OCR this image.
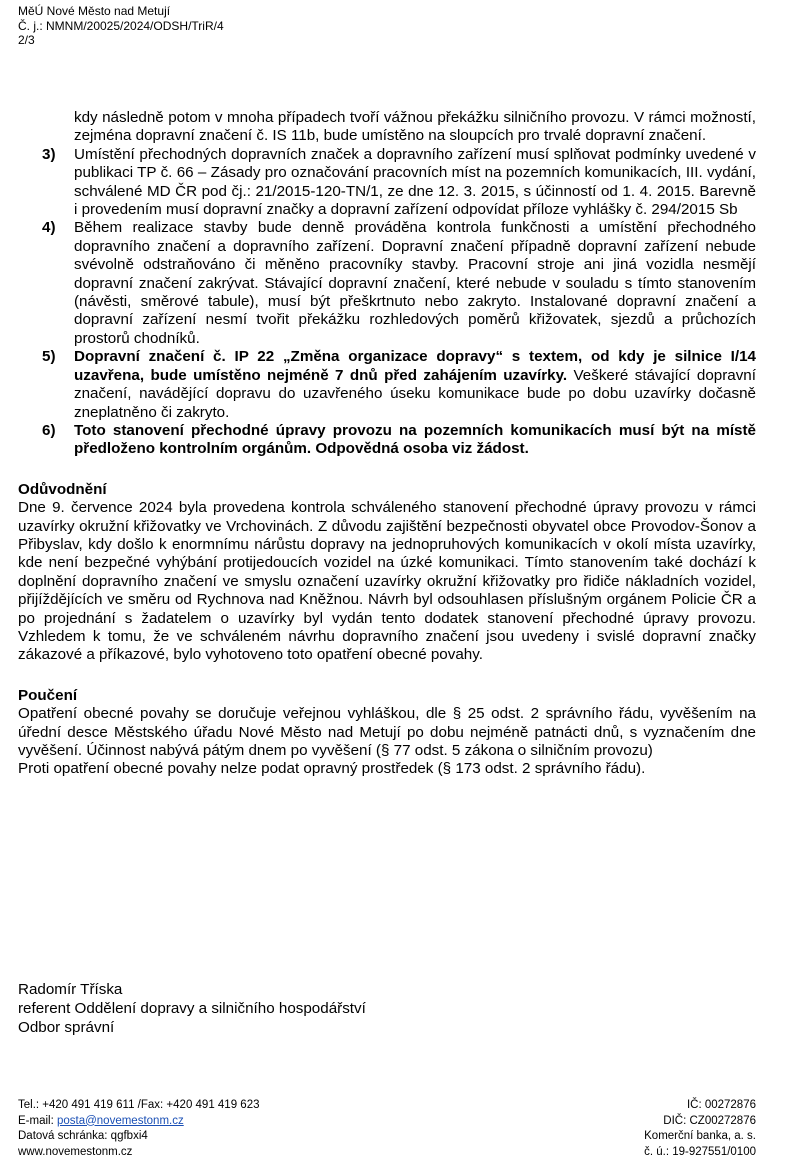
MěÚ Nové Město nad Metují
Č. j.: NMNM/20025/2024/ODSH/TriR/4
2/3
kdy následně potom v mnoha případech tvoří vážnou překážku silničního provozu. V rámci možností, zejména dopravní značení č. IS 11b, bude umístěno na sloupcích pro trvalé dopravní značení.
3) Umístění přechodných dopravních značek a dopravního zařízení musí splňovat podmínky uvedené v publikaci TP č. 66 – Zásady pro označování pracovních míst na pozemních komunikacích, III. vydání, schválené MD ČR pod čj.: 21/2015-120-TN/1, ze dne 12. 3. 2015, s účinností od 1. 4. 2015. Barevně i provedením musí dopravní značky a dopravní zařízení odpovídat příloze vyhlášky č. 294/2015 Sb
4) Během realizace stavby bude denně prováděna kontrola funkčnosti a umístění přechodného dopravního značení a dopravního zařízení. Dopravní značení případně dopravní zařízení nebude svévolně odstraňováno či měněno pracovníky stavby. Pracovní stroje ani jiná vozidla nesmějí dopravní značení zakrývat. Stávající dopravní značení, které nebude v souladu s tímto stanovením (návěsti, směrové tabule), musí být přeškrtnuto nebo zakryto. Instalované dopravní značení a dopravní zařízení nesmí tvořit překážku rozhledových poměrů křižovatek, sjezdů a průchozích prostorů chodníků.
5) Dopravní značení č. IP 22 „Změna organizace dopravy“ s textem, od kdy je silnice I/14 uzavřena, bude umístěno nejméně 7 dnů před zahájením uzavírky. Veškeré stávající dopravní značení, navádějící dopravu do uzavřeného úseku komunikace bude po dobu uzavírky dočasně zneplatněno či zakryto.
6) Toto stanovení přechodné úpravy provozu na pozemních komunikacích musí být na místě předloženo kontrolním orgánům. Odpovědná osoba viz žádost.
Odůvodnění
Dne 9. července 2024 byla provedena kontrola schváleného stanovení přechodné úpravy provozu v rámci uzavírky okružní křižovatky ve Vrchovinách. Z důvodu zajištění bezpečnosti obyvatel obce Provodov-Šonov a Přibyslav, kdy došlo k enormnímu nárůstu dopravy na jednopruhových komunikacích v okolí místa uzavírky, kde není bezpečné vyhýbání protijedoucích vozidel na úzké komunikaci. Tímto stanovením také dochází k doplnění dopravního značení ve smyslu označení uzavírky okružní křižovatky pro řidiče nákladních vozidel, přijíždějících ve směru od Rychnova nad Kněžnou. Návrh byl odsouhlasen příslušným orgánem Policie ČR a po projednání s žadatelem o uzavírky byl vydán tento dodatek stanovení přechodné úpravy provozu. Vzhledem k tomu, že ve schváleném návrhu dopravního značení jsou uvedeny i svislé dopravní značky zákazové a příkazové, bylo vyhotoveno toto opatření obecné povahy.
Poučení
Opatření obecné povahy se doručuje veřejnou vyhláškou, dle § 25 odst. 2 správního řádu, vyvěšením na úřední desce Městského úřadu Nové Město nad Metují po dobu nejméně patnácti dnů, s vyznačením dne vyvěšení. Účinnost nabývá pátým dnem po vyvěšení (§ 77 odst. 5 zákona o silničním provozu)
Proti opatření obecné povahy nelze podat opravný prostředek (§ 173 odst. 2 správního řádu).
Radomír Tříska
referent Oddělení dopravy a silničního hospodářství
Odbor správní
Tel.: +420 491 419 611 /Fax: +420 491 419 623
E-mail: posta@novemestonm.cz
Datová schránka: qgfbxi4
www.novemestonm.cz
IČ: 00272876
DIČ: CZ00272876
Komerční banka, a. s.
č. ú.: 19-927551/0100
